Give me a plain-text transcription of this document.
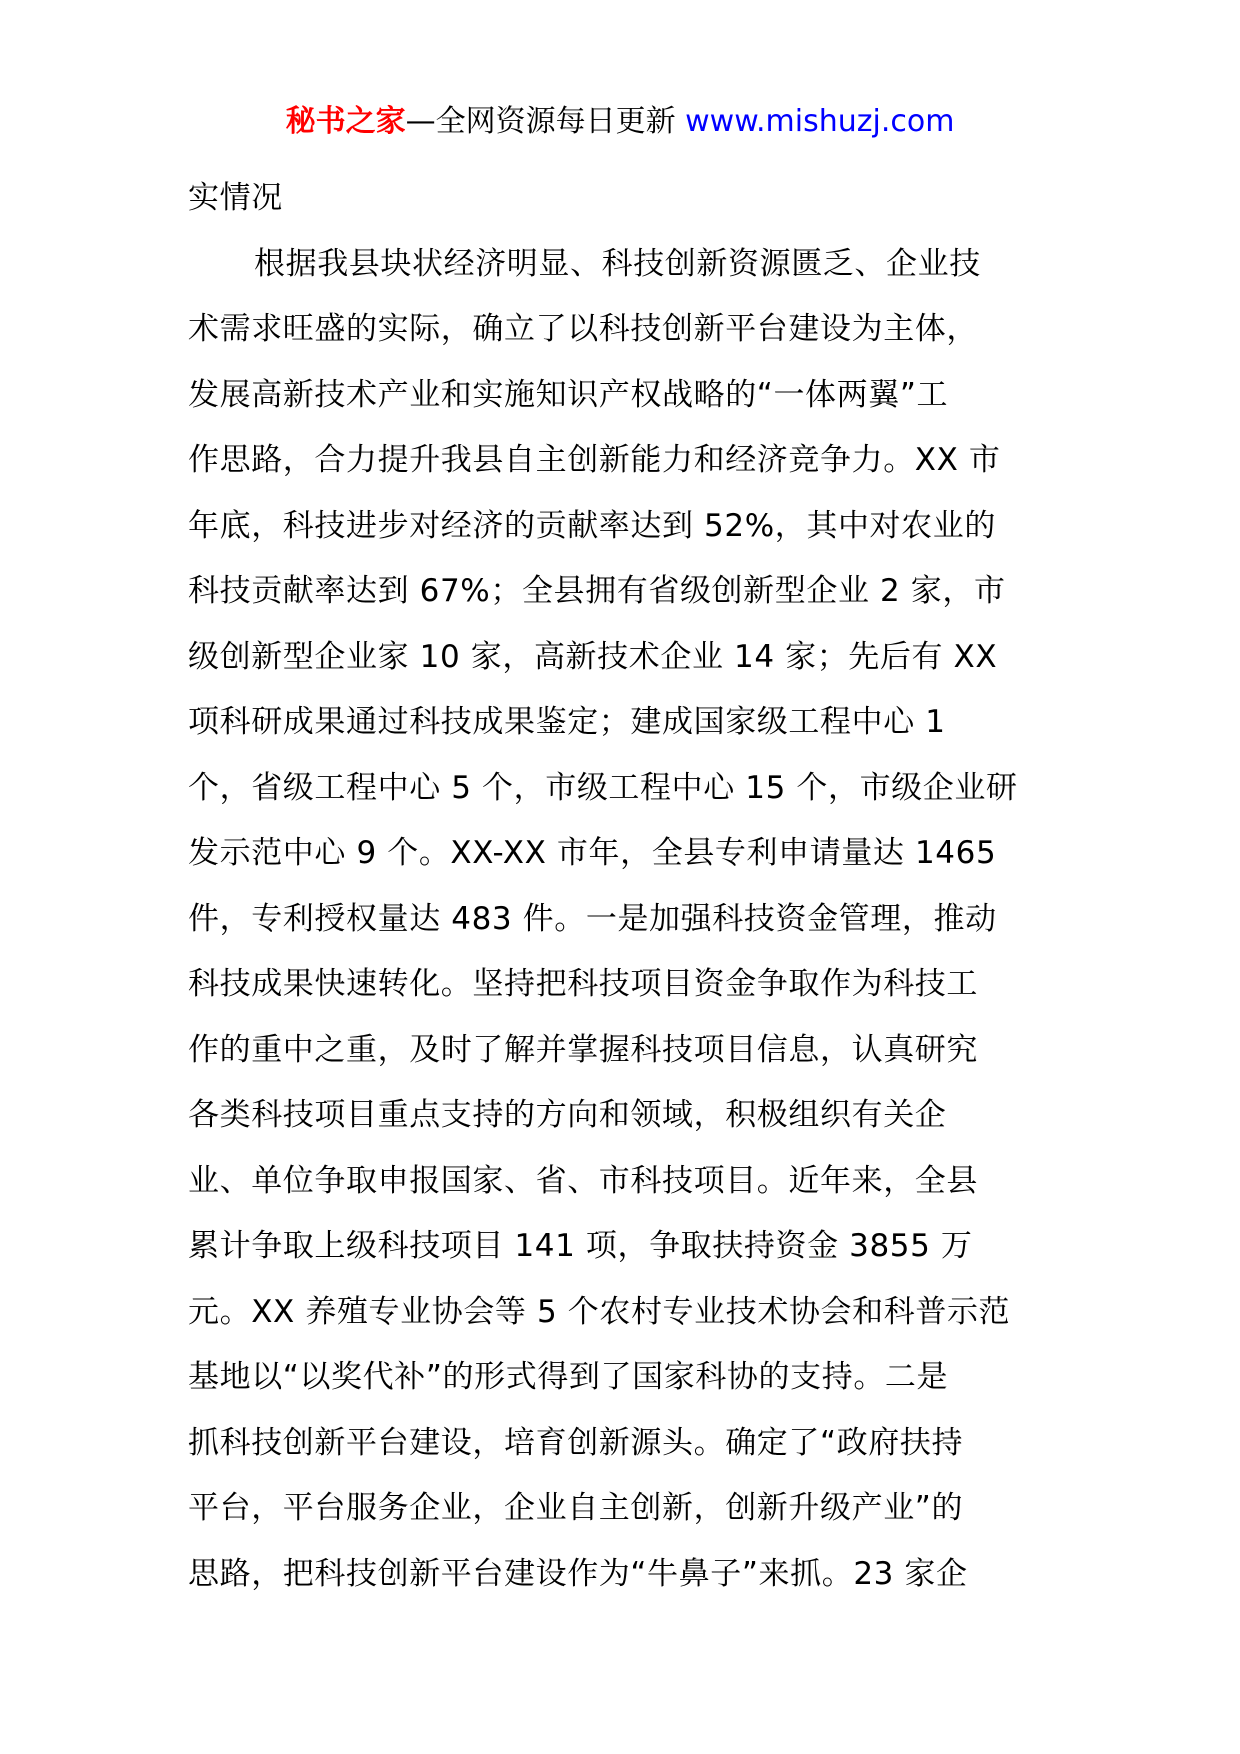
秘书之家—全网资源每日更新 www.mishuzj.com
实情况
根据我县块状经济明显、科技创新资源匮乏、企业技
术需求旺盛的实际，确立了以科技创新平台建设为主体，
发展高新技术产业和实施知识产权战略的“一体两翼”工
作思路，合力提升我县自主创新能力和经济竞争力。XX 市
年底，科技进步对经济的贡献率达到 52%，其中对农业的
科技贡献率达到 67%；全县拥有省级创新型企业 2 家，市
级创新型企业家 10 家，高新技术企业 14 家；先后有 XX
项科研成果通过科技成果鉴定；建成国家级工程中心 1
个，省级工程中心 5 个，市级工程中心 15 个，市级企业研
发示范中心 9 个。XX-XX 市年，全县专利申请量达 1465
件，专利授权量达 483 件。一是加强科技资金管理，推动
科技成果快速转化。坚持把科技项目资金争取作为科技工
作的重中之重，及时了解并掌握科技项目信息，认真研究
各类科技项目重点支持的方向和领域，积极组织有关企
业、单位争取申报国家、省、市科技项目。近年来，全县
累计争取上级科技项目 141 项，争取扶持资金 3855 万
元。XX 养殖专业协会等 5 个农村专业技术协会和科普示范
基地以“以奖代补”的形式得到了国家科协的支持。二是
抓科技创新平台建设，培育创新源头。确定了“政府扶持
平台，平台服务企业，企业自主创新，创新升级产业”的
思路，把科技创新平台建设作为“牛鼻子”来抓。23 家企
